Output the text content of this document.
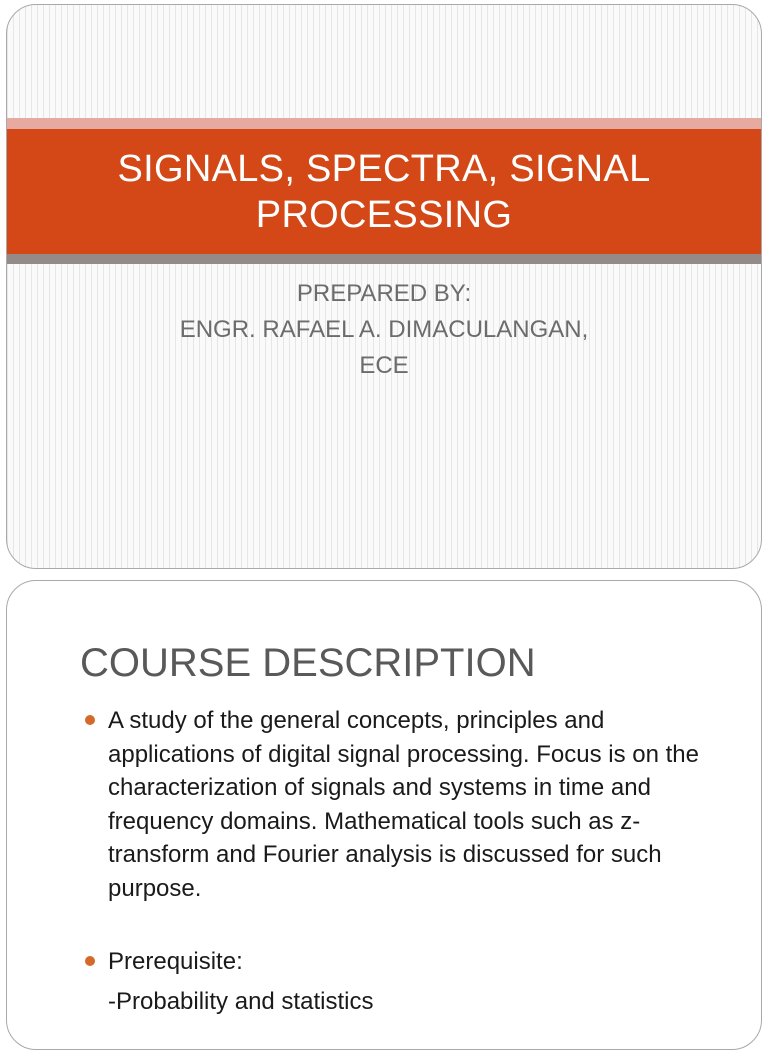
SIGNALS, SPECTRA, SIGNAL PROCESSING
PREPARED BY:
ENGR. RAFAEL A. DIMACULANGAN,
ECE
COURSE DESCRIPTION
A study of the general concepts, principles and applications of digital signal processing. Focus is on the characterization of signals and systems in time and frequency domains. Mathematical tools such as z-transform and Fourier analysis is discussed for such purpose.
Prerequisite:
-Probability and statistics
